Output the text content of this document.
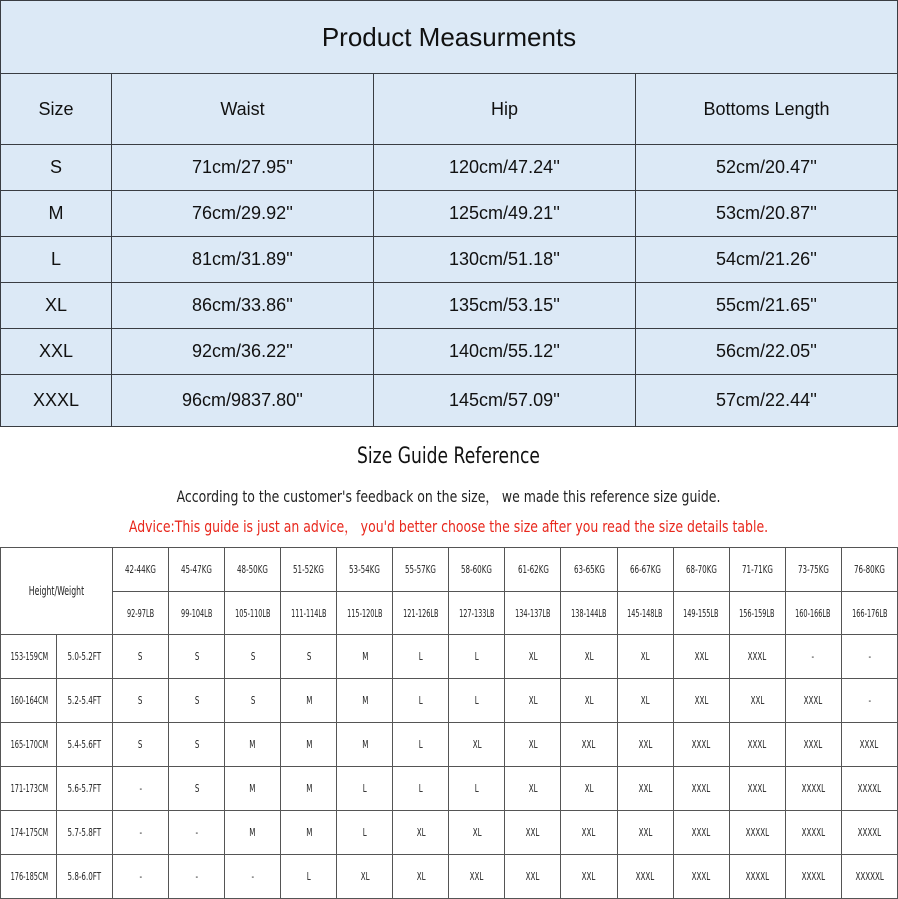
Product Measurments			
Size	Waist	Hip	Bottoms Length
S	71cm/27.95''	120cm/47.24''	52cm/20.47''
M	76cm/29.92''	125cm/49.21''	53cm/20.87''
L	81cm/31.89''	130cm/51.18''	54cm/21.26''
XL	86cm/33.86''	135cm/53.15''	55cm/21.65''
XXL	92cm/36.22''	140cm/55.12''	56cm/22.05''
XXXL	96cm/9837.80''	145cm/57.09''	57cm/22.44''
Size Guide Reference
According to the customer's feedback on the size， we made this reference size guide.
Advice:This guide is just an advice， you'd better choose the size after you read the size details table.
Height/Weight		42-44KG	45-47KG	48-50KG	51-52KG	53-54KG	55-57KG	58-60KG	61-62KG	63-65KG	66-67KG	68-70KG	71-71KG	73-75KG	76-80KG
		92-97LB	99-104LB	105-110LB	111-114LB	115-120LB	121-126LB	127-133LB	134-137LB	138-144LB	145-148LB	149-155LB	156-159LB	160-166LB	166-176LB
153-159CM	5.0-5.2FT	S	S	S	S	M	L	L	XL	XL	XL	XXL	XXXL	-	-
160-164CM	5.2-5.4FT	S	S	S	M	M	L	L	XL	XL	XL	XXL	XXL	XXXL	-
165-170CM	5.4-5.6FT	S	S	M	M	M	L	XL	XL	XXL	XXL	XXXL	XXXL	XXXL	XXXL
171-173CM	5.6-5.7FT	-	S	M	M	L	L	L	XL	XL	XXL	XXXL	XXXL	XXXXL	XXXXL
174-175CM	5.7-5.8FT	-	-	M	M	L	XL	XL	XXL	XXL	XXL	XXXL	XXXXL	XXXXL	XXXXL
176-185CM	5.8-6.0FT	-	-	-	L	XL	XL	XXL	XXL	XXL	XXXL	XXXL	XXXXL	XXXXL	XXXXXL
